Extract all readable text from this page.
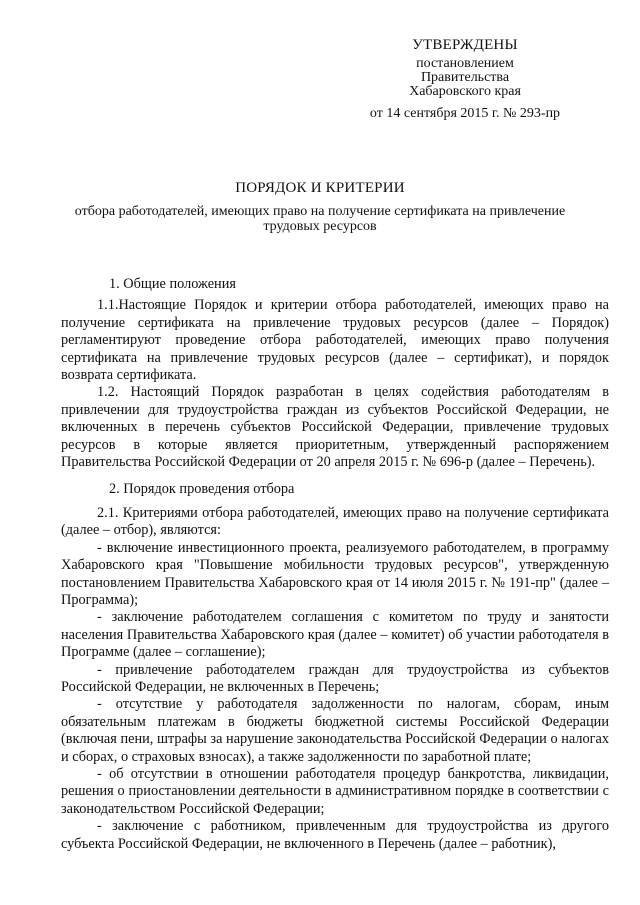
УТВЕРЖДЕНЫ
постановлением
Правительства
Хабаровского края
от 14 сентября 2015 г. № 293-пр
ПОРЯДОК И КРИТЕРИИ
отбора работодателей, имеющих право на получение сертификата на привлечение трудовых ресурсов

1. Общие положения

1.1.Настоящие Порядок и критерии отбора работодателей, имеющих право на получение сертификата на привлечение трудовых ресурсов (далее – Порядок) регламентируют проведение отбора работодателей, имеющих право получения сертификата на привлечение трудовых ресурсов (далее – сертификат), и порядок возврата сертификата.

1.2. Настоящий Порядок разработан в целях содействия работодателям в привлечении для трудоустройства граждан из субъектов Российской Федерации, не включенных в перечень субъектов Российской Федерации, привлечение трудовых ресурсов в которые является приоритетным, утвержденный распоряжением Правительства Российской Федерации от 20 апреля 2015 г. № 696-р (далее – Перечень).

2. Порядок проведения отбора

2.1. Критериями отбора работодателей, имеющих право на получение сертификата (далее – отбор), являются:

- включение инвестиционного проекта, реализуемого работодателем, в программу Хабаровского края "Повышение мобильности трудовых ресурсов", утвержденную постановлением Правительства Хабаровского края от 14 июля 2015 г. № 191-пр" (далее – Программа);

- заключение работодателем соглашения с комитетом по труду и занятости населения Правительства Хабаровского края (далее – комитет) об участии работодателя в Программе (далее – соглашение);

- привлечение работодателем граждан для трудоустройства из субъектов Российской Федерации, не включенных в Перечень;

- отсутствие у работодателя задолженности по налогам, сборам, иным обязательным платежам в бюджеты бюджетной системы Российской Федерации (включая пени, штрафы за нарушение законодательства Российской Федерации о налогах и сборах, о страховых взносах), а также задолженности по заработной плате;

- об отсутствии в отношении работодателя процедур банкротства, ликвидации, решения о приостановлении деятельности в административном порядке в соответствии с законодательством Российской Федерации;

- заключение с работником, привлеченным для трудоустройства из другого субъекта Российской Федерации, не включенного в Перечень (далее – работник),
